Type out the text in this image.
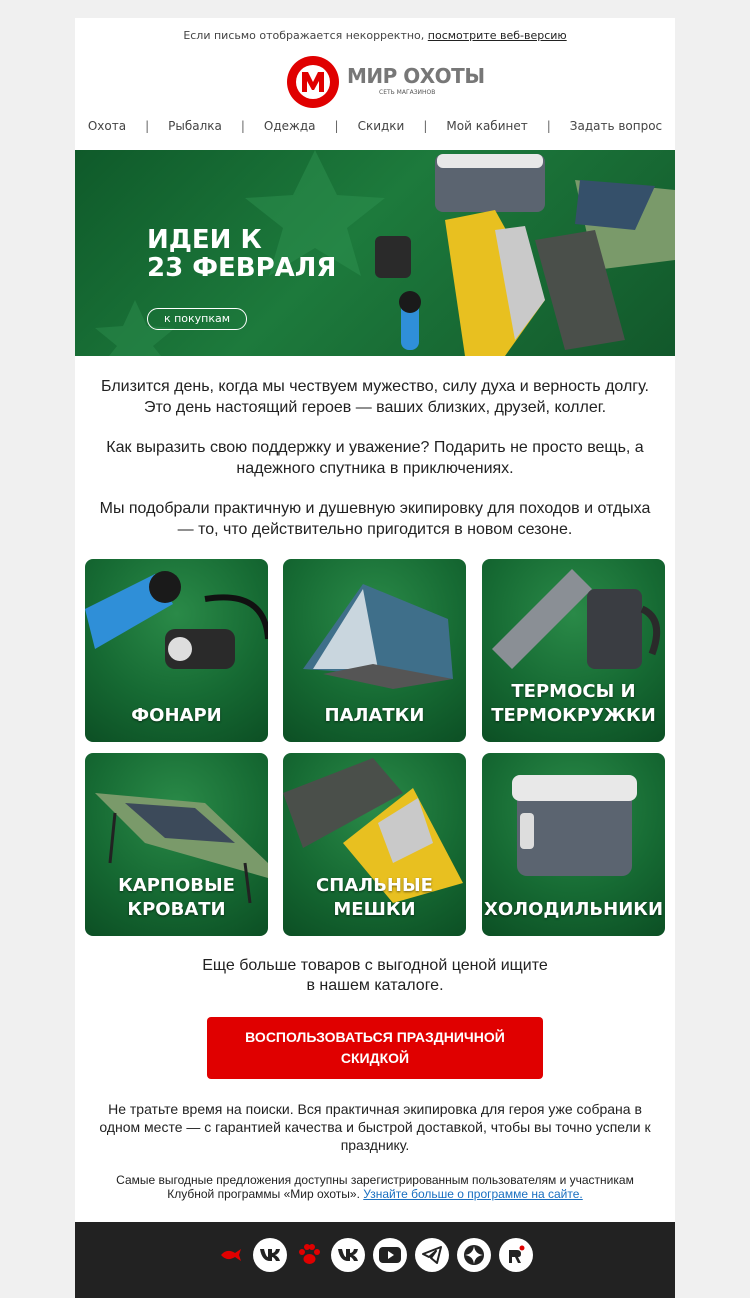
Если письмо отображается некорректно, посмотрите веб-версию
МИР ОХОТЫ
СЕТЬ МАГАЗИНОВ
Охота	|	Рыбалка	|	Одежда	|	Скидки	|	Мой кабинет	|	Задать вопрос
ИДЕИ К
23 ФЕВРАЛЯ
к покупкам

Близится день, когда мы чествуем мужество, силу духа и верность долгу. Это день настоящий героев — ваших близких, друзей, коллег.

Как выразить свою поддержку и уважение? Подарить не просто вещь, а надежного спутника в приключениях.

Мы подобрали практичную и душевную экипировку для походов и отдыха — то, что действительно пригодится в новом сезоне.

ФОНАРИ	ПАЛАТКИ
ТЕРМОСЫ И
ТЕРМОКРУЖКИ
КАРПОВЫЕ
КРОВАТИ
СПАЛЬНЫЕ
МЕШКИ	ХОЛОДИЛЬНИКИ
Еще больше товаров с выгодной ценой ищите
в нашем каталоге.
ВОСПОЛЬЗОВАТЬСЯ ПРАЗДНИЧНОЙ
СКИДКОЙ
Не тратьте время на поиски. Вся практичная экипировка для героя уже собрана в одном месте — с гарантией качества и быстрой доставкой, чтобы вы точно успели к празднику.
Самые выгодные предложения доступны зарегистрированным пользователям и участникам Клубной программы «Мир охоты». Узнайте больше о программе на сайте.
